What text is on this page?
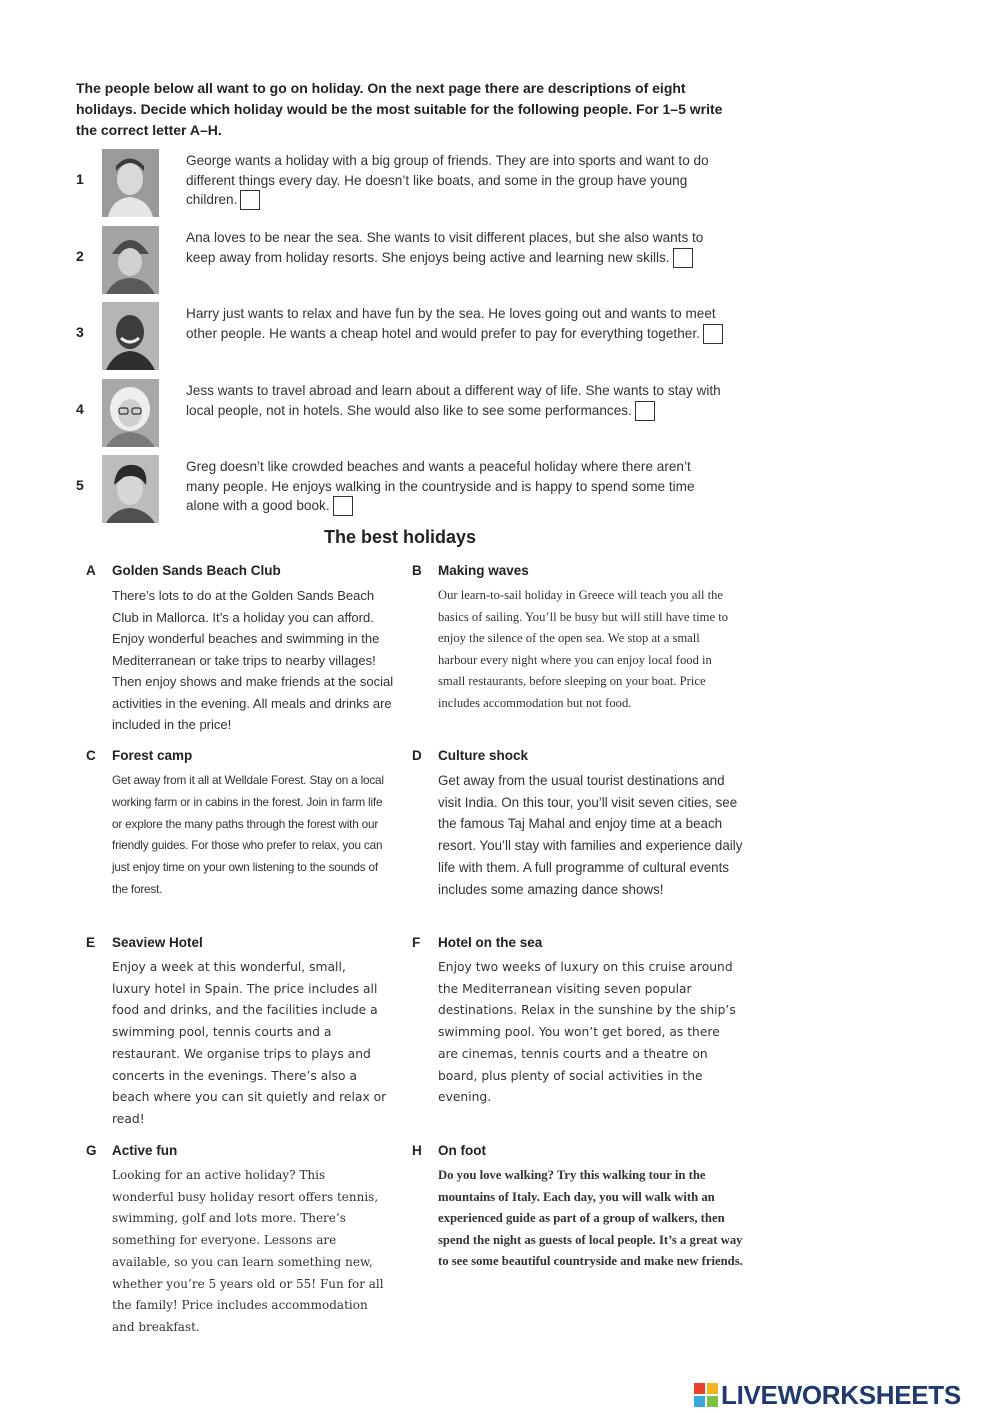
The people below all want to go on holiday. On the next page there are descriptions of eight holidays. Decide which holiday would be the most suitable for the following people. For 1–5 write the correct letter A–H.
1
George wants a holiday with a big group of friends. They are into sports and want to do different things every day. He doesn’t like boats, and some in the group have young children.
2
Ana loves to be near the sea. She wants to visit different places, but she also wants to keep away from holiday resorts. She enjoys being active and learning new skills.
3
Harry just wants to relax and have fun by the sea. He loves going out and wants to meet other people. He wants a cheap hotel and would prefer to pay for everything together.
4
Jess wants to travel abroad and learn about a different way of life. She wants to stay with local people, not in hotels. She would also like to see some performances.
5
Greg doesn’t like crowded beaches and wants a peaceful holiday where there aren’t many people. He enjoys walking in the countryside and is happy to spend some time alone with a good book.
The best holidays
A Golden Sands Beach Club
There’s lots to do at the Golden Sands Beach Club in Mallorca. It’s a holiday you can afford. Enjoy wonderful beaches and swimming in the Mediterranean or take trips to nearby villages! Then enjoy shows and make friends at the social activities in the evening. All meals and drinks are included in the price!
B Making waves
Our learn-to-sail holiday in Greece will teach you all the basics of sailing. You’ll be busy but will still have time to enjoy the silence of the open sea. We stop at a small harbour every night where you can enjoy local food in small restaurants, before sleeping on your boat. Price includes accommodation but not food.
C Forest camp
Get away from it all at Welldale Forest. Stay on a local working farm or in cabins in the forest. Join in farm life or explore the many paths through the forest with our friendly guides. For those who prefer to relax, you can just enjoy time on your own listening to the sounds of the forest.
D Culture shock
Get away from the usual tourist destinations and visit India. On this tour, you’ll visit seven cities, see the famous Taj Mahal and enjoy time at a beach resort. You’ll stay with families and experience daily life with them. A full programme of cultural events includes some amazing dance shows!
E Seaview Hotel
Enjoy a week at this wonderful, small, luxury hotel in Spain. The price includes all food and drinks, and the facilities include a swimming pool, tennis courts and a restaurant. We organise trips to plays and concerts in the evenings. There’s also a beach where you can sit quietly and relax or read!
F Hotel on the sea
Enjoy two weeks of luxury on this cruise around the Mediterranean visiting seven popular destinations. Relax in the sunshine by the ship’s swimming pool. You won’t get bored, as there are cinemas, tennis courts and a theatre on board, plus plenty of social activities in the evening.
G Active fun
Looking for an active holiday? This wonderful busy holiday resort offers tennis, swimming, golf and lots more. There’s something for everyone. Lessons are available, so you can learn something new, whether you’re 5 years old or 55! Fun for all the family! Price includes accommodation and breakfast.
H On foot
Do you love walking? Try this walking tour in the mountains of Italy. Each day, you will walk with an experienced guide as part of a group of walkers, then spend the night as guests of local people. It’s a great way to see some beautiful countryside and make new friends.
LIVEWORKSHEETS
